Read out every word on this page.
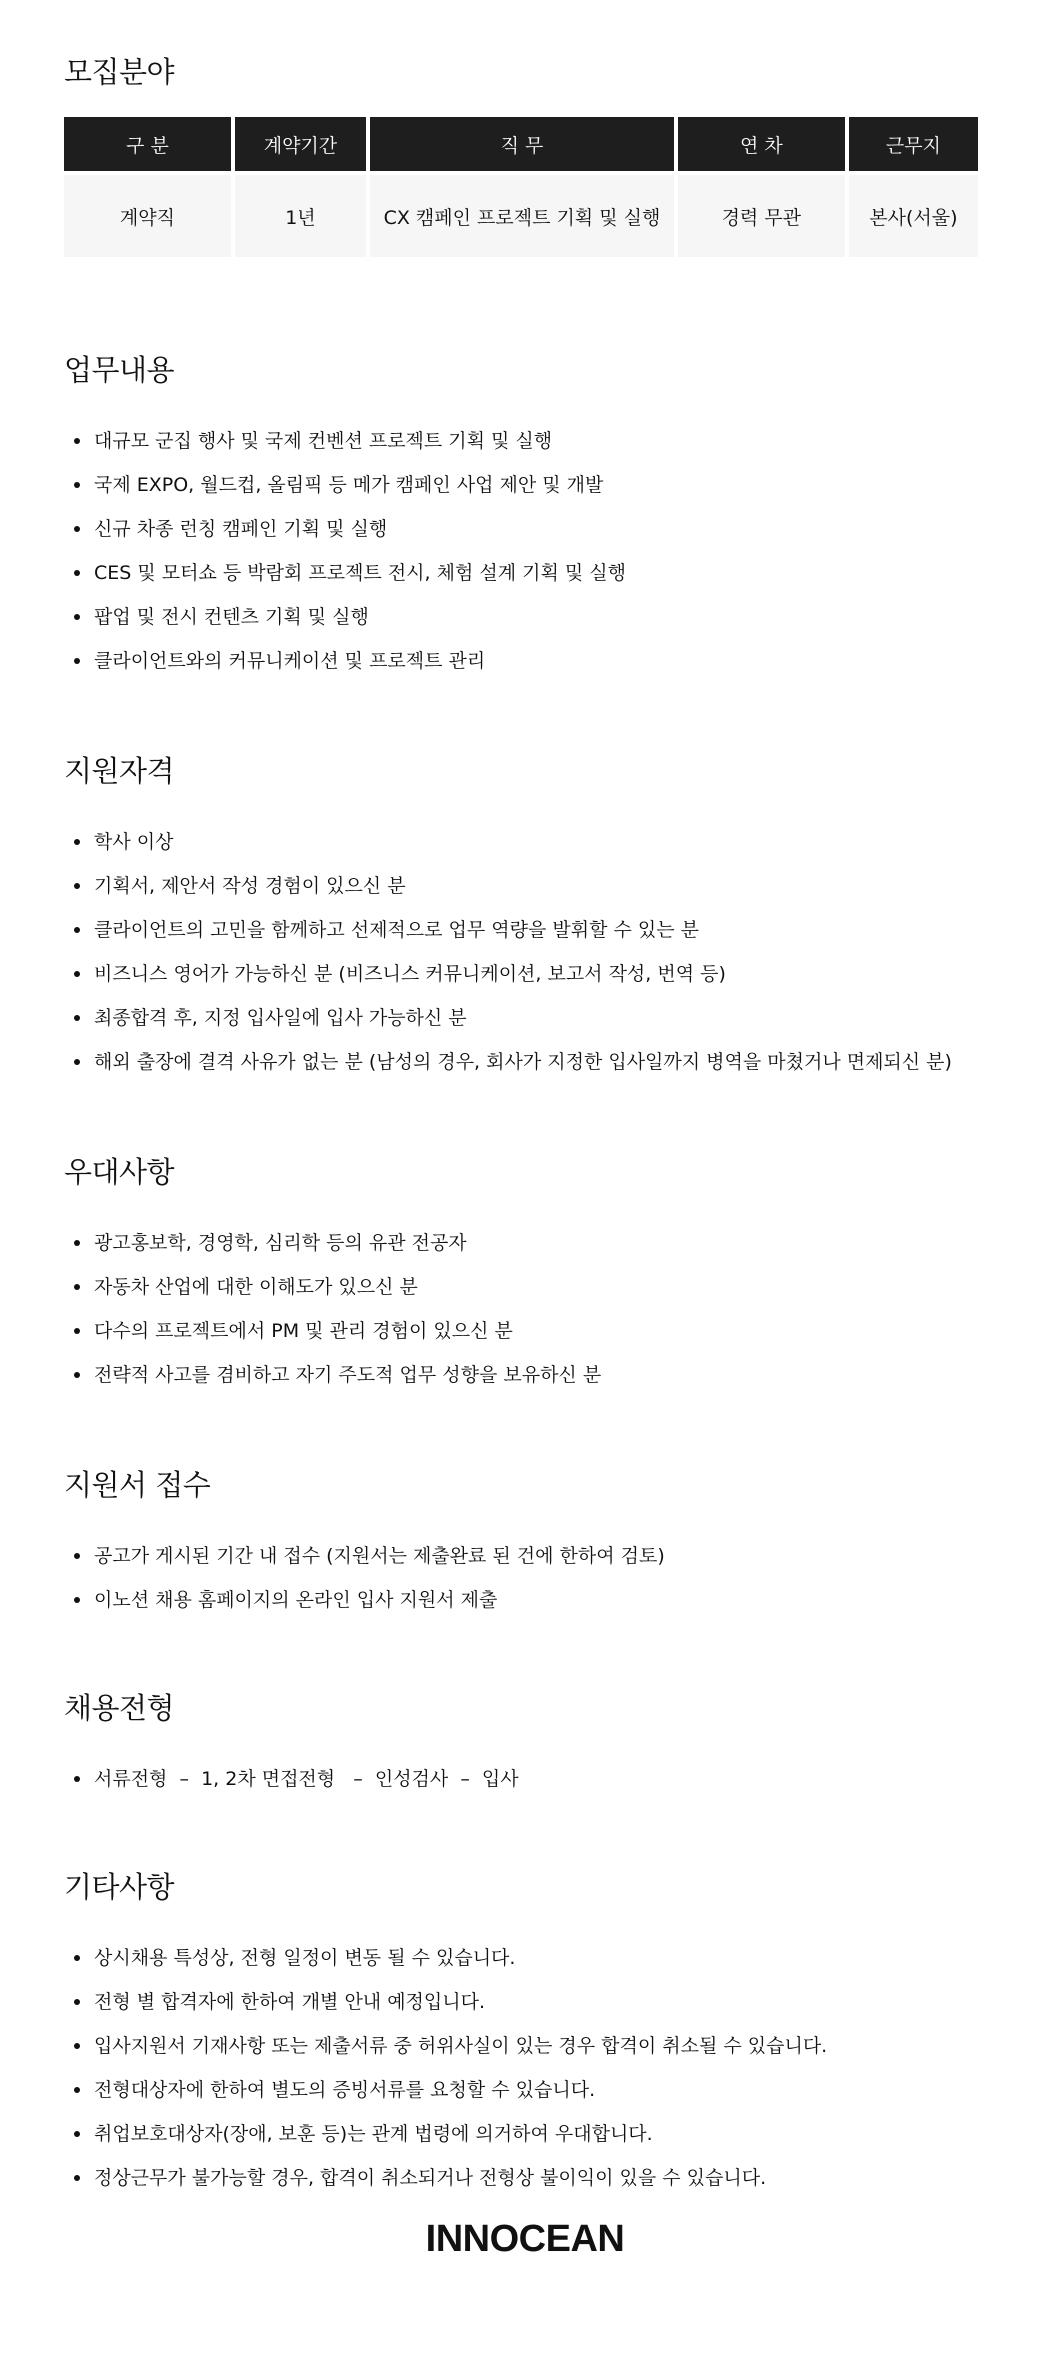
모집분야
구 분	계약기간	직 무	연 차	근무지
계약직	1년	CX 캠페인 프로젝트 기획 및 실행	경력 무관	본사(서울)
업무내용
대규모 군집 행사 및 국제 컨벤션 프로젝트 기획 및 실행
국제 EXPO, 월드컵, 올림픽 등 메가 캠페인 사업 제안 및 개발
신규 차종 런칭 캠페인 기획 및 실행
CES 및 모터쇼 등 박람회 프로젝트 전시, 체험 설계 기획 및 실행
팝업 및 전시 컨텐츠 기획 및 실행
클라이언트와의 커뮤니케이션 및 프로젝트 관리
지원자격
학사 이상
기획서, 제안서 작성 경험이 있으신 분
클라이언트의 고민을 함께하고 선제적으로 업무 역량을 발휘할 수 있는 분
비즈니스 영어가 가능하신 분 (비즈니스 커뮤니케이션, 보고서 작성, 번역 등)
최종합격 후, 지정 입사일에 입사 가능하신 분
해외 출장에 결격 사유가 없는 분 (남성의 경우, 회사가 지정한 입사일까지 병역을 마쳤거나 면제되신 분)
우대사항
광고홍보학, 경영학, 심리학 등의 유관 전공자
자동차 산업에 대한 이해도가 있으신 분
다수의 프로젝트에서 PM 및 관리 경험이 있으신 분
전략적 사고를 겸비하고 자기 주도적 업무 성향을 보유하신 분
지원서 접수
공고가 게시된 기간 내 접수 (지원서는 제출완료 된 건에 한하여 검토)
이노션 채용 홈페이지의 온라인 입사 지원서 제출
채용전형
서류전형  –  1, 2차 면접전형   –  인성검사  –  입사
기타사항
상시채용 특성상, 전형 일정이 변동 될 수 있습니다.
전형 별 합격자에 한하여 개별 안내 예정입니다.
입사지원서 기재사항 또는 제출서류 중 허위사실이 있는 경우 합격이 취소될 수 있습니다.
전형대상자에 한하여 별도의 증빙서류를 요청할 수 있습니다.
취업보호대상자(장애, 보훈 등)는 관계 법령에 의거하여 우대합니다.
정상근무가 불가능할 경우, 합격이 취소되거나 전형상 불이익이 있을 수 있습니다.
INNOCEAN
